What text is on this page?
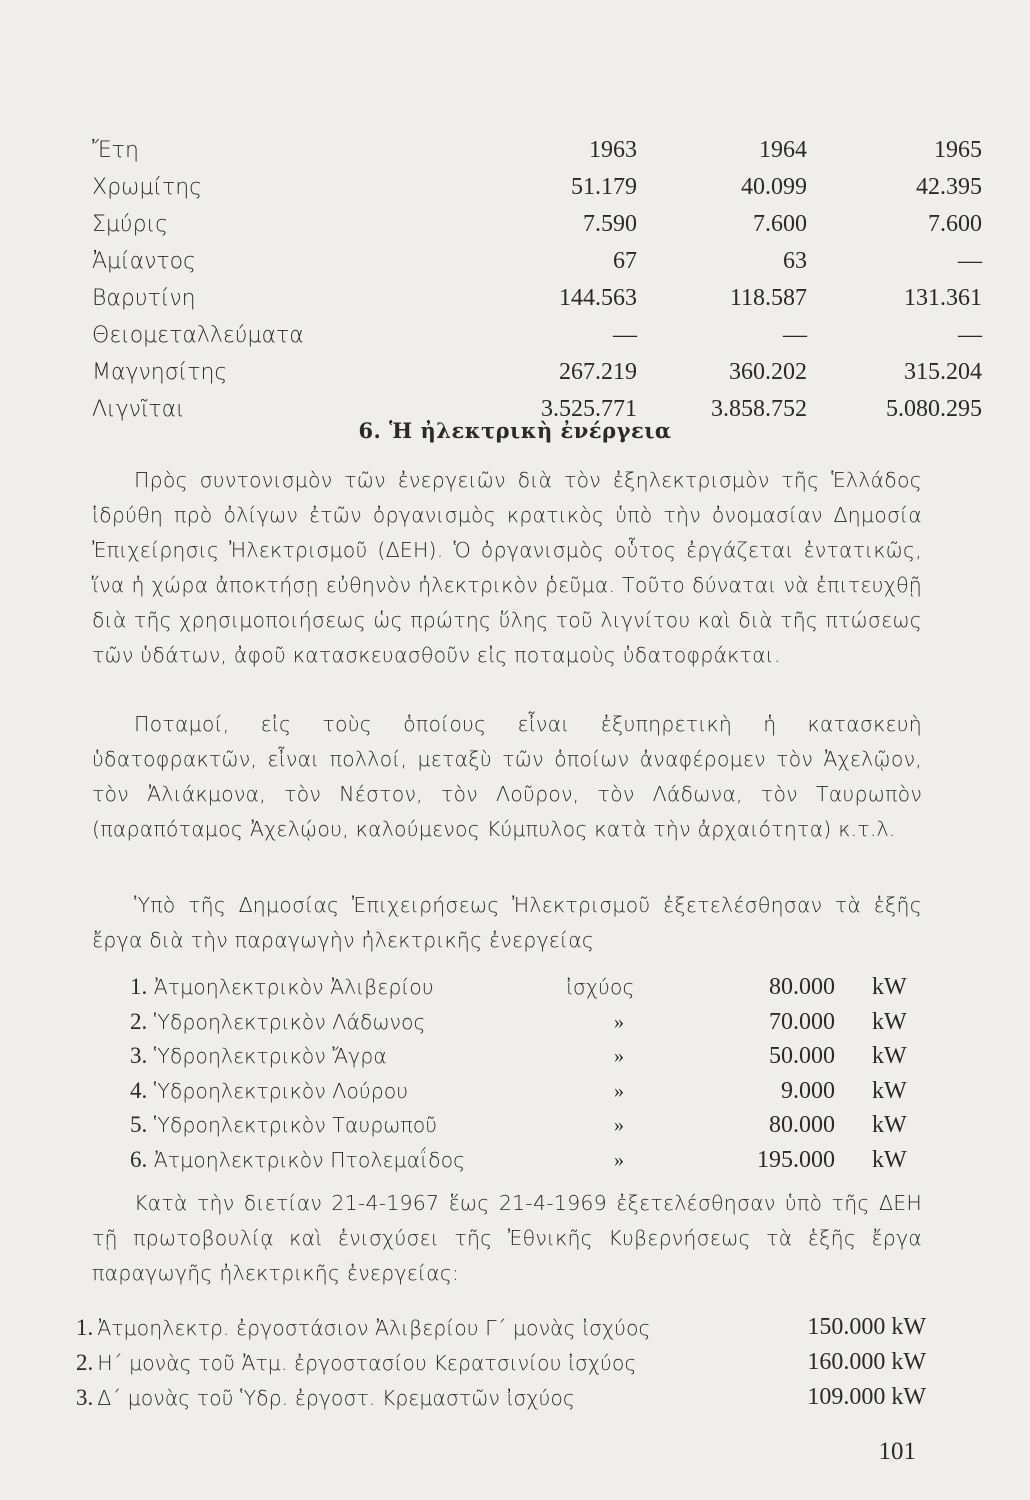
Ἔτη	1963	1964	1965
Χρωμίτης	51.179	40.099	42.395
Σμύρις	7.590	7.600	7.600
Ἀμίαντος	67	63	—
Βαρυτίνη	144.563	118.587	131.361
Θειομεταλλεύματα	—	—	—
Μαγνησίτης	267.219	360.202	315.204
Λιγνῖται	3.525.771	3.858.752	5.080.295
6. Ἡ ἠλεκτρικὴ ἐνέργεια

Πρὸς συντονισμὸν τῶν ἐνεργειῶν διὰ τὸν ἐξηλεκτρισμὸν τῆς Ἑλλάδος ἱδρύθη πρὸ ὀλίγων ἐτῶν ὀργανισμὸς κρατικὸς ὑπὸ τὴν ὀνομασίαν Δημοσία Ἐπιχείρησις Ἠλεκτρισμοῦ (ΔΕΗ). Ὁ ὀργανισμὸς οὗτος ἐργάζεται ἐντατικῶς, ἵνα ἡ χώρα ἀποκτήσῃ εὐθηνὸν ἠλεκτρικὸν ῥεῦμα. Τοῦτο δύναται νὰ ἐπιτευχθῇ διὰ τῆς χρησιμοποιήσεως ὡς πρώτης ὕλης τοῦ λιγνίτου καὶ διὰ τῆς πτώσεως τῶν ὑδάτων, ἀφοῦ κατασκευασθοῦν εἰς ποταμοὺς ὑδατοφράκται.

Ποταμοί, εἰς τοὺς ὁποίους εἶναι ἐξυπηρετικὴ ἡ κατασκευὴ ὑδατοφρακτῶν, εἶναι πολλοί, μεταξὺ τῶν ὁποίων ἀναφέρομεν τὸν Ἀχελῷον, τὸν Ἀλιάκμονα, τὸν Νέστον, τὸν Λοῦρον, τὸν Λάδωνα, τὸν Ταυρωπὸν (παραπόταμος Ἀχελῴου, καλούμενος Κύμπυλος κατὰ τὴν ἀρχαιότητα) κ.τ.λ.

Ὑπὸ τῆς Δημοσίας Ἐπιχειρήσεως Ἠλεκτρισμοῦ ἐξετελέσθησαν τὰ ἑξῆς ἔργα διὰ τὴν παραγωγὴν ἠλεκτρικῆς ἐνεργείας

1. Ἀτμοηλεκτρικὸν Ἀλιβερίου	ἰσχύος	80.000 kW
2. Ὑδροηλεκτρικὸν Λάδωνος	»	70.000 kW
3. Ὑδροηλεκτρικὸν Ἄγρα	»	50.000 kW
4. Ὑδροηλεκτρικὸν Λούρου	»	9.000 kW
5. Ὑδροηλεκτρικὸν Ταυρωποῦ	»	80.000 kW
6. Ἀτμοηλεκτρικὸν Πτολεμαΐδος	»	195.000 kW

Κατὰ τὴν διετίαν 21-4-1967 ἕως 21-4-1969 ἐξετελέσθησαν ὑπὸ τῆς ΔΕΗ τῇ πρωτοβουλίᾳ καὶ ἐνισχύσει τῆς Ἐθνικῆς Κυβερνήσεως τὰ ἑξῆς ἔργα παραγωγῆς ἠλεκτρικῆς ἐνεργείας:

1. Ἀτμοηλεκτρ. ἐργοστάσιον Ἀλιβερίου Γ΄ μονὰς ἰσχύος	150.000 kW
2. Η΄ μονὰς τοῦ Ἀτμ. ἐργοστασίου Κερατσινίου ἰσχύος	160.000 kW
3. Δ΄ μονὰς τοῦ Ὑδρ. ἐργοστ. Κρεμαστῶν ἰσχύος	109.000 kW
101
